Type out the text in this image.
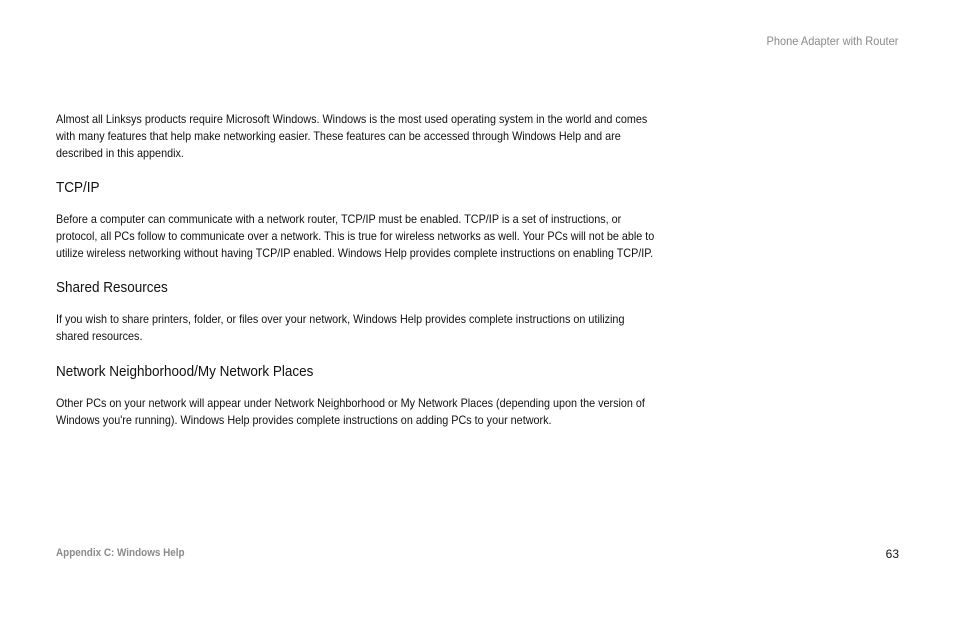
Phone Adapter with Router

Almost all Linksys products require Microsoft Windows. Windows is the most used operating system in the world and comes with many features that help make networking easier. These features can be accessed through Windows Help and are described in this appendix.

TCP/IP

Before a computer can communicate with a network router, TCP/IP must be enabled. TCP/IP is a set of instructions, or protocol, all PCs follow to communicate over a network. This is true for wireless networks as well. Your PCs will not be able to utilize wireless networking without having TCP/IP enabled. Windows Help provides complete instructions on enabling TCP/IP.

Shared Resources

If you wish to share printers, folder, or files over your network, Windows Help provides complete instructions on utilizing shared resources.

Network Neighborhood/My Network Places

Other PCs on your network will appear under Network Neighborhood or My Network Places (depending upon the version of Windows you're running). Windows Help provides complete instructions on adding PCs to your network.

Appendix C: Windows Help	63
